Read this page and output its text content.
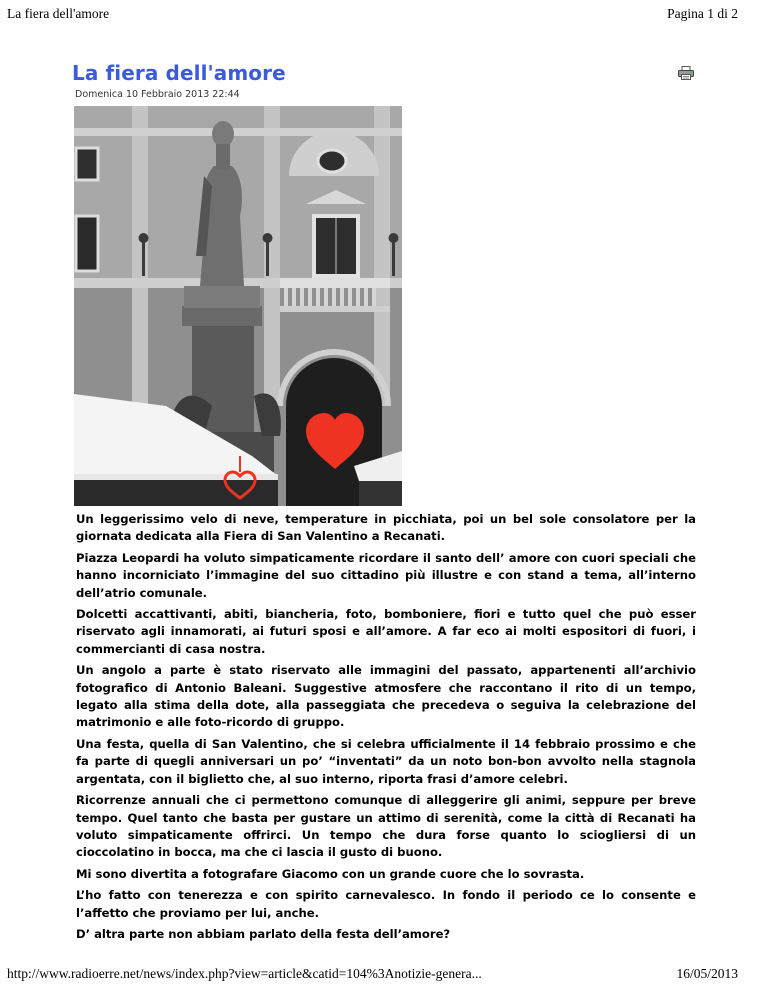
La fiera dell'amore	Pagina 1 di 2
La fiera dell'amore
Domenica 10 Febbraio 2013 22:44

Un leggerissimo velo di neve, temperature in picchiata, poi un bel sole consolatore per la giornata dedicata alla Fiera di San Valentino a Recanati.

Piazza Leopardi ha voluto simpaticamente ricordare il santo dell’ amore con cuori speciali che hanno incorniciato l’immagine del suo cittadino più illustre e con stand a tema, all’interno dell’atrio comunale.

Dolcetti accattivanti, abiti, biancheria, foto, bomboniere, fiori e tutto quel che può esser riservato agli innamorati, ai futuri sposi e all’amore. A far eco ai molti espositori di fuori, i commercianti di casa nostra.

Un angolo a parte è stato riservato alle immagini del passato, appartenenti all’archivio fotografico di Antonio Baleani. Suggestive atmosfere che raccontano il rito di un tempo, legato alla stima della dote, alla passeggiata che precedeva o seguiva la celebrazione del matrimonio e alle foto-ricordo di gruppo.

Una festa, quella di San Valentino, che si celebra ufficialmente il 14 febbraio prossimo e che fa parte di quegli anniversari un po’ “inventati” da un noto bon-bon avvolto nella stagnola argentata, con il biglietto che, al suo interno, riporta frasi d’amore celebri.

Ricorrenze annuali che ci permettono comunque di alleggerire gli animi, seppure per breve tempo. Quel tanto che basta per gustare un attimo di serenità, come la città di Recanati ha voluto simpaticamente offrirci. Un tempo che dura forse quanto lo sciogliersi di un cioccolatino in bocca, ma che ci lascia il gusto di buono.

Mi sono divertita a fotografare Giacomo con un grande cuore che lo sovrasta.

L’ho fatto con tenerezza e con spirito carnevalesco. In fondo il periodo ce lo consente e l’affetto che proviamo per lui, anche.

D’ altra parte non abbiam parlato della festa dell’amore?

http://www.radioerre.net/news/index.php?view=article&catid=104%3Anotizie-genera...	16/05/2013
